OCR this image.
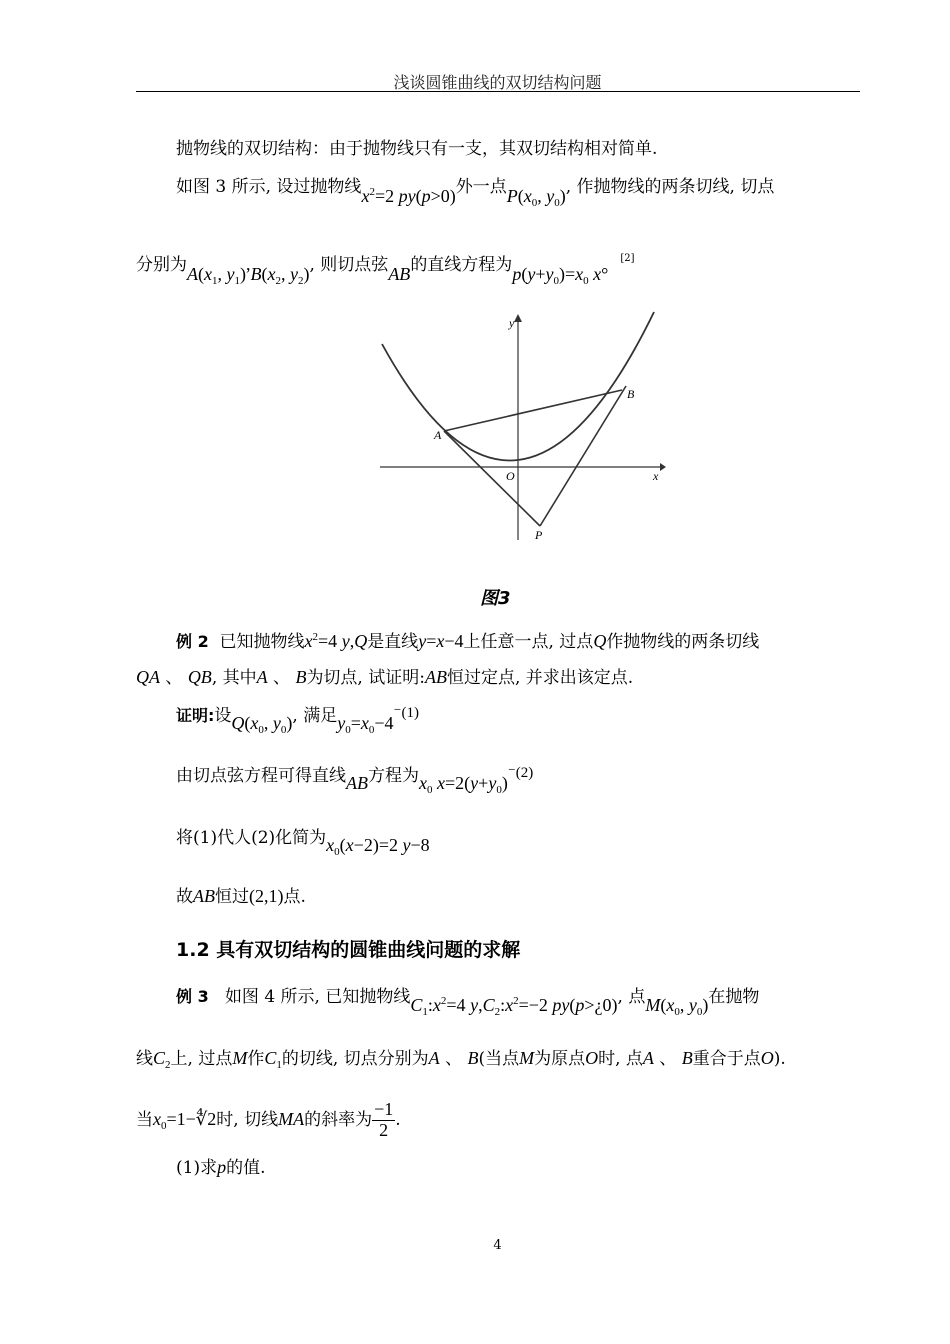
浅谈圆锥曲线的双切结构问题
抛物线的双切结构：由于抛物线只有一支，其双切结构相对简单.
如图 3 所示, 设过抛物线$x^2=2$ py(p>0)外一点$P(x_0$, $y_0$), 作抛物线的两条切线, 切点
分别为$A(x_1$, $y_1),B(x_2$, $y_2$), 则切点弦AB的直线方程为$p(y+y_0)=x_0$ x°[2]
y
x
A
B
O
P
图3
例 2 已知抛物线$x^2=4$ y,Q是直线y=x−4上任意一点, 过点Q作抛物线的两条切线
QA 、 QB, 其中A 、 B为切点, 试证明:AB恒过定点, 并求出该定点.
证明:设$Q(x_0$, $y_0$), 满足$y_0=x_0-4^-(1)$
由切点弦方程可得直线AB方程为$x_0$ $x=2(y+y_0)^-(2)$
将(1)代人(2)化简为$x_0(x-2)=2$ y−8
故AB恒过(2,1)点.
1.2 具有双切结构的圆锥曲线问题的求解
例 3 如图 4 所示, 已知抛物线$C_1:x^2=4$ $y,C_2:x^2=-2$ py(p>¿0), 点$M(x_0$, $y_0$)在抛物
线$C_2$上, 过点M作$C_1$的切线, 切点分别为A 、 B(当点M为原点O时, 点A 、 B重合于点O).
当$x_0=1-∜2$时, 切线MA的斜率为 $\frac{-1}{2}$ .
(1)求p的值.
4
